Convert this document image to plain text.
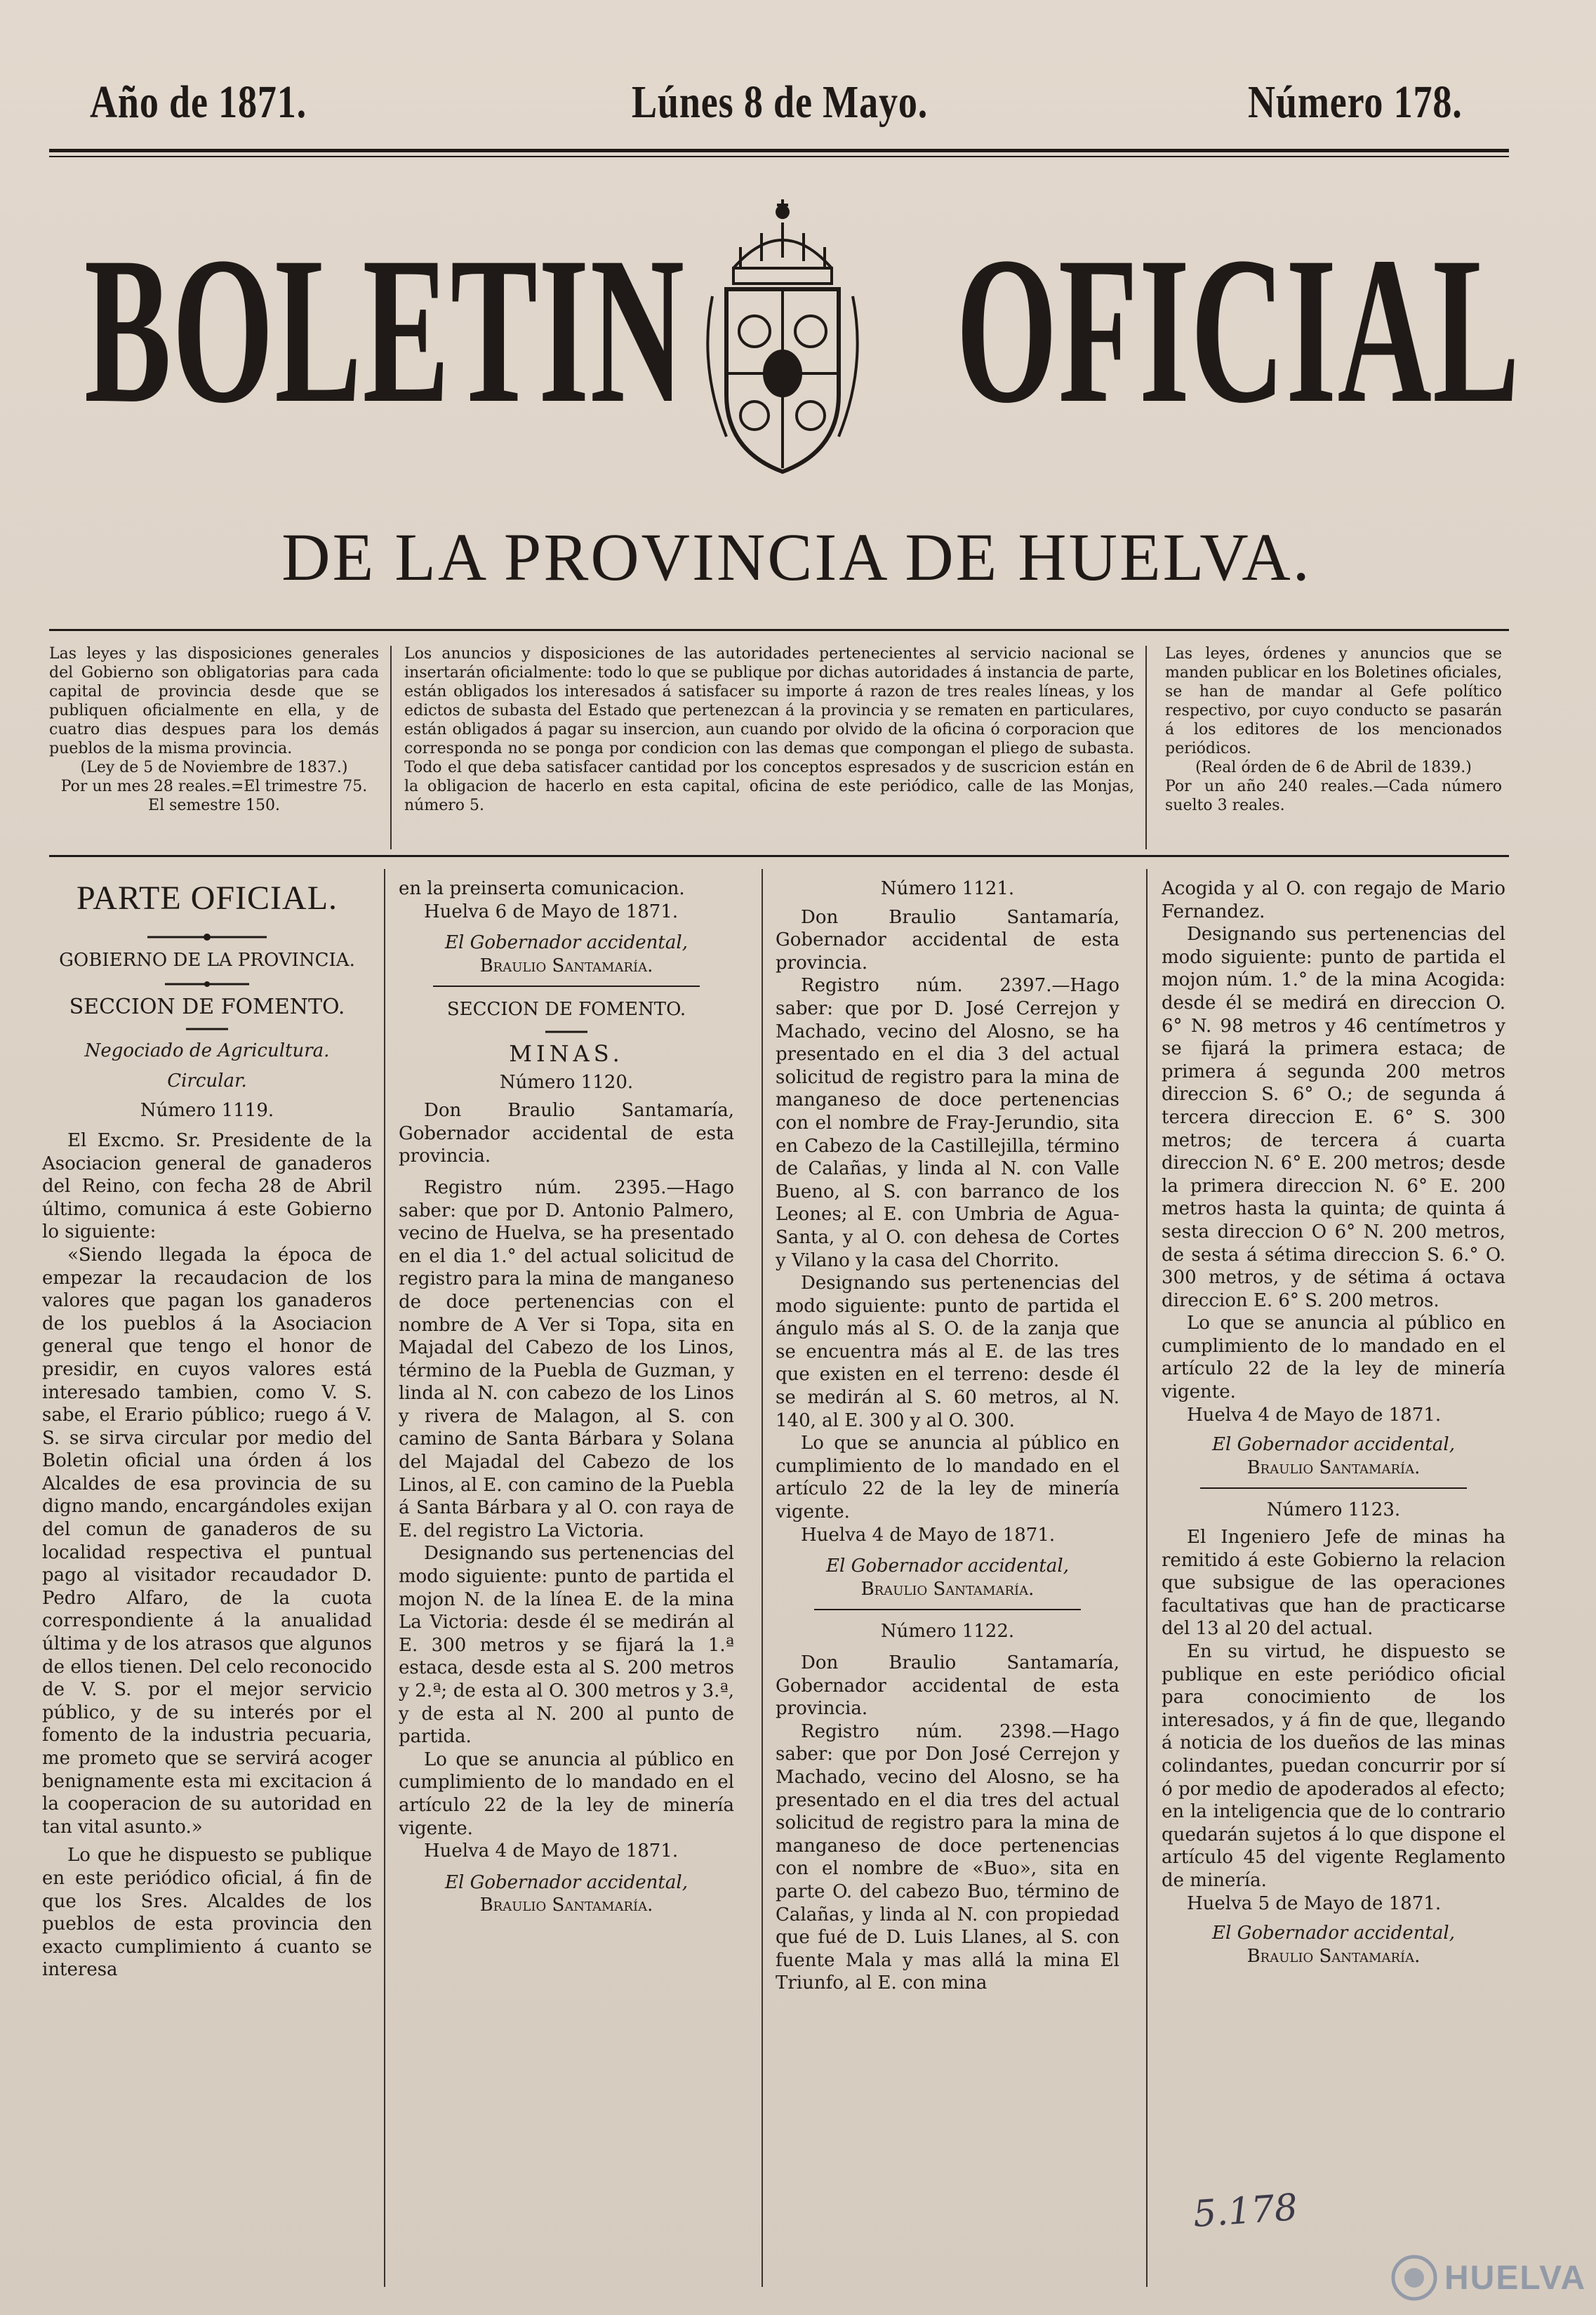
Año de 1871.	Lúnes 8 de Mayo.	Número 178.
BOLETIN OFICIAL
DE LA PROVINCIA DE HUELVA.
Las leyes y las disposiciones generales del Gobierno son obligatorias para cada capital de provincia desde que se publiquen oficialmente en ella, y de cuatro dias despues para los demás pueblos de la misma provincia.
(Ley de 5 de Noviembre de 1837.)
Por un mes 28 reales.=El trimestre 75.
El semestre 150.
Los anuncios y disposiciones de las autoridades pertenecientes al servicio nacional se insertarán oficialmente: todo lo que se publique por dichas autoridades á instancia de parte, están obligados los interesados á satisfacer su importe á razon de tres reales líneas, y los edictos de subasta del Estado que pertenezcan á la provincia y se rematen en particulares, están obligados á pagar su insercion, aun cuando por olvido de la oficina ó corporacion que corresponda no se ponga por condicion con las demas que compongan el pliego de subasta. Todo el que deba satisfacer cantidad por los conceptos espresados y de suscricion están en la obligacion de hacerlo en esta capital, oficina de este periódico, calle de las Monjas, número 5.
Las leyes, órdenes y anuncios que se manden publicar en los Boletines oficiales, se han de mandar al Gefe político respectivo, por cuyo conducto se pasarán á los editores de los mencionados periódicos.
(Real órden de 6 de Abril de 1839.)
Por un año 240 reales.—Cada número suelto 3 reales.

PARTE OFICIAL.

GOBIERNO DE LA PROVINCIA.

SECCION DE FOMENTO.

Negociado de Agricultura.

Circular.

Número 1119.

El Excmo. Sr. Presidente de la Asociacion general de ganaderos del Reino, con fecha 28 de Abril último, comunica á este Gobierno lo siguiente:

«Siendo llegada la época de empezar la recaudacion de los valores que pagan los ganaderos de los pueblos á la Asociacion general que tengo el honor de presidir, en cuyos valores está interesado tambien, como V. S. sabe, el Erario público; ruego á V. S. se sirva circular por medio del Boletin oficial una órden á los Alcaldes de esa provincia de su digno mando, encargándoles exijan del comun de ganaderos de su localidad respectiva el puntual pago al visitador recaudador D. Pedro Alfaro, de la cuota correspondiente á la anualidad última y de los atrasos que algunos de ellos tienen. Del celo reconocido de V. S. por el mejor servicio público, y de su interés por el fomento de la industria pecuaria, me prometo que se servirá acoger benignamente esta mi excitacion á la cooperacion de su autoridad en tan vital asunto.»

Lo que he dispuesto se publique en este periódico oficial, á fin de que los Sres. Alcaldes de los pueblos de esta provincia den exacto cumplimiento á cuanto se interesa

en la preinserta comunicacion.

Huelva 6 de Mayo de 1871.

El Gobernador accidental,

Braulio Santamaría.

SECCION DE FOMENTO.

MINAS.

Número 1120.

Don Braulio Santamaría, Gobernador accidental de esta provincia.

Registro núm. 2395.—Hago saber: que por D. Antonio Palmero, vecino de Huelva, se ha presentado en el dia 1.° del actual solicitud de registro para la mina de manganeso de doce pertenencias con el nombre de A Ver si Topa, sita en Majadal del Cabezo de los Linos, término de la Puebla de Guzman, y linda al N. con cabezo de los Linos y rivera de Malagon, al S. con camino de Santa Bárbara y Solana del Majadal del Cabezo de los Linos, al E. con camino de la Puebla á Santa Bárbara y al O. con raya de E. del registro La Victoria.

Designando sus pertenencias del modo siguiente: punto de partida el mojon N. de la línea E. de la mina La Victoria: desde él se medirán al E. 300 metros y se fijará la 1.ª estaca, desde esta al S. 200 metros y 2.ª; de esta al O. 300 metros y 3.ª, y de esta al N. 200 al punto de partida.

Lo que se anuncia al público en cumplimiento de lo mandado en el artículo 22 de la ley de minería vigente.

Huelva 4 de Mayo de 1871.

El Gobernador accidental,

Braulio Santamaría.

Número 1121.

Don Braulio Santamaría, Gobernador accidental de esta provincia.

Registro núm. 2397.—Hago saber: que por D. José Cerrejon y Machado, vecino del Alosno, se ha presentado en el dia 3 del actual solicitud de registro para la mina de manganeso de doce pertenencias con el nombre de Fray-Jerundio, sita en Cabezo de la Castillejilla, término de Calañas, y linda al N. con Valle Bueno, al S. con barranco de los Leones; al E. con Umbria de Agua-Santa, y al O. con dehesa de Cortes y Vilano y la casa del Chorrito.

Designando sus pertenencias del modo siguiente: punto de partida el ángulo más al S. O. de la zanja que se encuentra más al E. de las tres que existen en el terreno: desde él se medirán al S. 60 metros, al N. 140, al E. 300 y al O. 300.

Lo que se anuncia al público en cumplimiento de lo mandado en el artículo 22 de la ley de minería vigente.

Huelva 4 de Mayo de 1871.

El Gobernador accidental,

Braulio Santamaría.

Número 1122.

Don Braulio Santamaría, Gobernador accidental de esta provincia.

Registro núm. 2398.—Hago saber: que por Don José Cerrejon y Machado, vecino del Alosno, se ha presentado en el dia tres del actual solicitud de registro para la mina de manganeso de doce pertenencias con el nombre de «Buo», sita en parte O. del cabezo Buo, término de Calañas, y linda al N. con propiedad que fué de D. Luis Llanes, al S. con fuente Mala y mas allá la mina El Triunfo, al E. con mina

Acogida y al O. con regajo de Mario Fernandez.

Designando sus pertenencias del modo siguiente: punto de partida el mojon núm. 1.° de la mina Acogida: desde él se medirá en direccion O. 6° N. 98 metros y 46 centímetros y se fijará la primera estaca; de primera á segunda 200 metros direccion S. 6° O.; de segunda á tercera direccion E. 6° S. 300 metros; de tercera á cuarta direccion N. 6° E. 200 metros; desde la primera direccion N. 6° E. 200 metros hasta la quinta; de quinta á sesta direccion O 6° N. 200 metros, de sesta á sétima direccion S. 6.° O. 300 metros, y de sétima á octava direccion E. 6° S. 200 metros.

Lo que se anuncia al público en cumplimiento de lo mandado en el artículo 22 de la ley de minería vigente.

Huelva 4 de Mayo de 1871.

El Gobernador accidental,

Braulio Santamaría.

Número 1123.

El Ingeniero Jefe de minas ha remitido á este Gobierno la relacion que subsigue de las operaciones facultativas que han de practicarse del 13 al 20 del actual.

En su virtud, he dispuesto se publique en este periódico oficial para conocimiento de los interesados, y á fin de que, llegando á noticia de los dueños de las minas colindantes, puedan concurrir por sí ó por medio de apoderados al efecto; en la inteligencia que de lo contrario quedarán sujetos á lo que dispone el artículo 45 del vigente Reglamento de minería.

Huelva 5 de Mayo de 1871.

El Gobernador accidental,

Braulio Santamaría.

5.178
HUELVA
